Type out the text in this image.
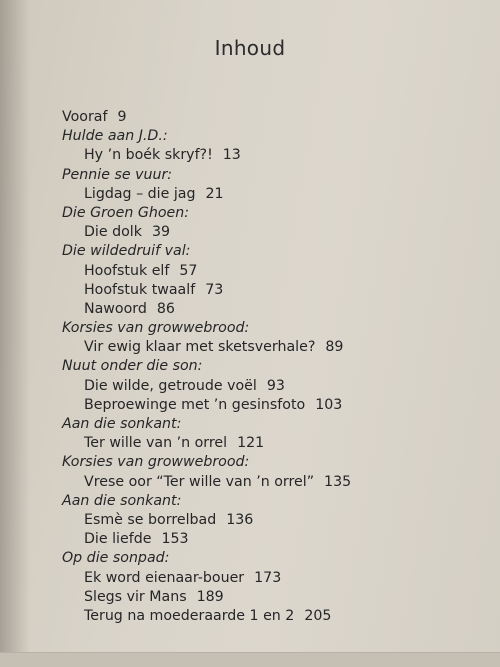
Inhoud
Vooraf 9
Hulde aan J.D.:
Hy ’n boék skryf?! 13
Pennie se vuur:
Ligdag – die jag 21
Die Groen Ghoen:
Die dolk 39
Die wildedruif val:
Hoofstuk elf 57
Hoofstuk twaalf 73
Nawoord 86
Korsies van growwebrood:
Vir ewig klaar met sketsverhale? 89
Nuut onder die son:
Die wilde, getroude voël 93
Beproewinge met ’n gesinsfoto 103
Aan die sonkant:
Ter wille van ’n orrel 121
Korsies van growwebrood:
Vrese oor “Ter wille van ’n orrel” 135
Aan die sonkant:
Esmè se borrelbad 136
Die liefde 153
Op die sonpad:
Ek word eienaar-bouer 173
Slegs vir Mans 189
Terug na moederaarde 1 en 2 205
